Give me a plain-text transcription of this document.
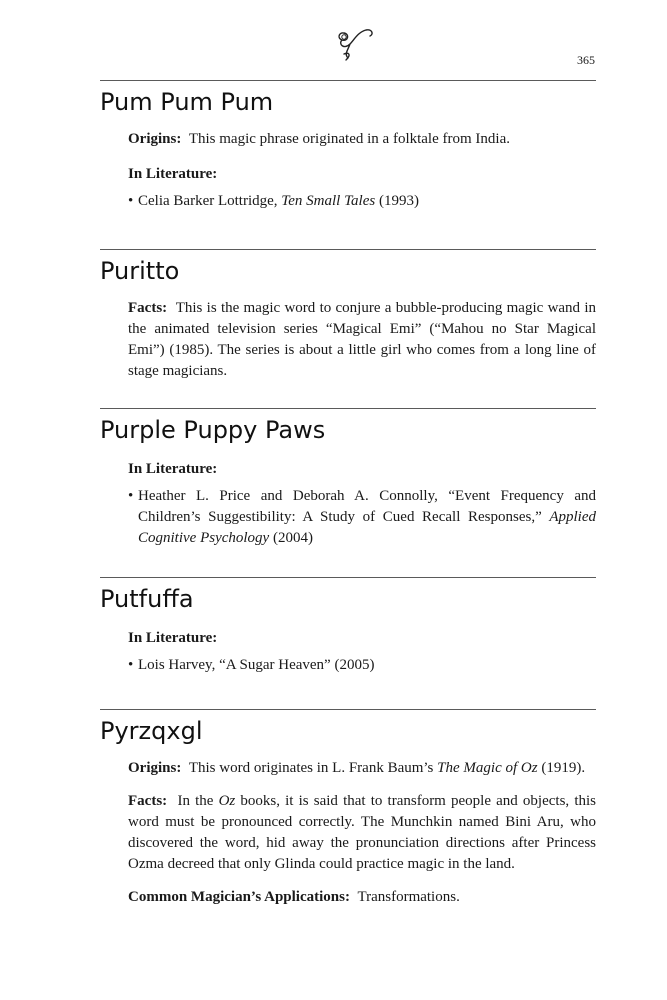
365
Pum Pum Pum

Origins: This magic phrase originated in a folktale from India.

In Literature:

• Celia Barker Lottridge, Ten Small Tales (1993)
Puritto

Facts: This is the magic word to conjure a bubble-producing magic wand in the animated television series “Magical Emi” (“Mahou no Star Magical Emi”) (1985). The series is about a little girl who comes from a long line of stage magicians.

Purple Puppy Paws

In Literature:

• Heather L. Price and Deborah A. Connolly, “Event Frequency and Children’s Suggestibility: A Study of Cued Recall Responses,” Applied Cognitive Psychology (2004)
Putfuffa

In Literature:

• Lois Harvey, “A Sugar Heaven” (2005)
Pyrzqxgl

Origins: This word originates in L. Frank Baum’s The Magic of Oz (1919).

Facts: In the Oz books, it is said that to transform people and objects, this word must be pronounced correctly. The Munchkin named Bini Aru, who discovered the word, hid away the pronunciation directions after Princess Ozma decreed that only Glinda could practice magic in the land.

Common Magician’s Applications: Transformations.
